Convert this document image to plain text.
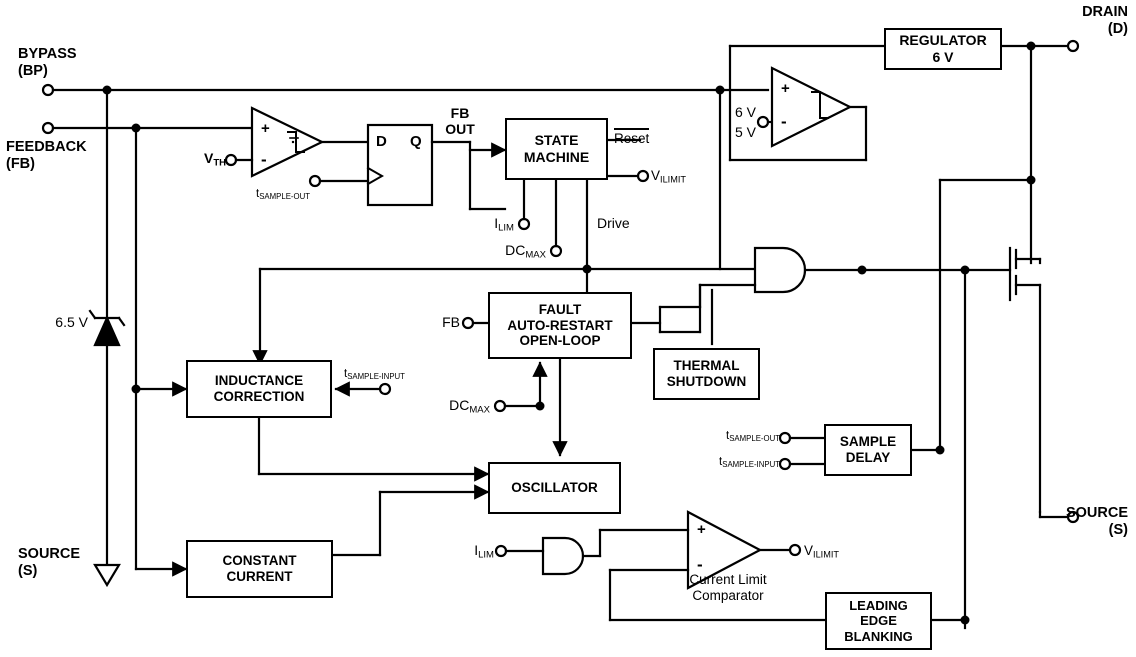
REGULATOR
6 V
STATE
MACHINE
FAULT
AUTO-RESTART
OPEN-LOOP
THERMAL
SHUTDOWN
INDUCTANCE
CORRECTION
SAMPLE
DELAY
OSCILLATOR
CONSTANT
CURRENT
LEADING
EDGE
BLANKING
BYPASS
(BP)
FEEDBACK
(FB)
SOURCE
(S)
DRAIN
(D)
SOURCE
(S)
$V_{TH}$
$t_{SAMPLE-OUT}$
FB
OUT
D Q	Reset
$V_{ILIMIT}$
$I_{LIM}$
$DC_{MAX}$
Drive
6 V
5 V
6.5 V
$t_{SAMPLE-INPUT}$
FB
$DC_{MAX}$
$t_{SAMPLE-OUT}$
$t_{SAMPLE-INPUT}$
$I_{LIM}$	$V_{ILIMIT}$
Current Limit
Comparator
+
-
+
-
+
-
